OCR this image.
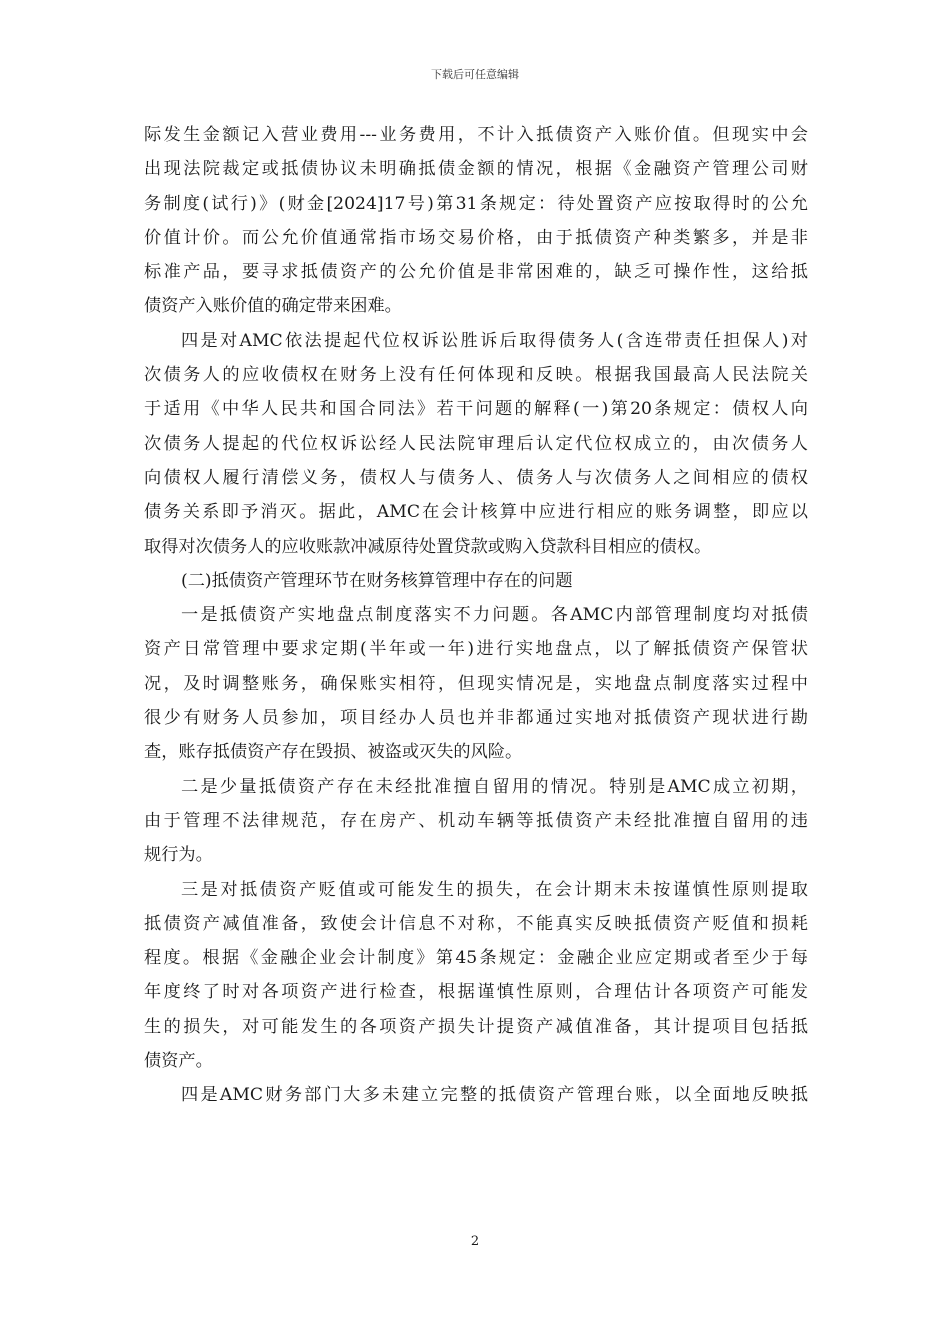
下载后可任意编辑
际发生金额记入营业费用---业务费用，不计入抵债资产入账价值。但现实中会
出现法院裁定或抵债协议未明确抵债金额的情况，根据《金融资产管理公司财
务制度(试行)》(财金[2024]17号)第31条规定：待处置资产应按取得时的公允
价值计价。而公允价值通常指市场交易价格，由于抵债资产种类繁多，并是非
标准产品，要寻求抵债资产的公允价值是非常困难的，缺乏可操作性，这给抵
债资产入账价值的确定带来困难。
四是对AMC依法提起代位权诉讼胜诉后取得债务人(含连带责任担保人)对
次债务人的应收债权在财务上没有任何体现和反映。根据我国最高人民法院关
于适用《中华人民共和国合同法》若干问题的解释(一)第20条规定：债权人向
次债务人提起的代位权诉讼经人民法院审理后认定代位权成立的，由次债务人
向债权人履行清偿义务，债权人与债务人、债务人与次债务人之间相应的债权
债务关系即予消灭。据此，AMC在会计核算中应进行相应的账务调整，即应以
取得对次债务人的应收账款冲减原待处置贷款或购入贷款科目相应的债权。
(二)抵债资产管理环节在财务核算管理中存在的问题
一是抵债资产实地盘点制度落实不力问题。各AMC内部管理制度均对抵债
资产日常管理中要求定期(半年或一年)进行实地盘点，以了解抵债资产保管状
况，及时调整账务，确保账实相符，但现实情况是，实地盘点制度落实过程中
很少有财务人员参加，项目经办人员也并非都通过实地对抵债资产现状进行勘
查，账存抵债资产存在毁损、被盗或灭失的风险。
二是少量抵债资产存在未经批准擅自留用的情况。特别是AMC成立初期，
由于管理不法律规范，存在房产、机动车辆等抵债资产未经批准擅自留用的违
规行为。
三是对抵债资产贬值或可能发生的损失，在会计期末未按谨慎性原则提取
抵债资产减值准备，致使会计信息不对称，不能真实反映抵债资产贬值和损耗
程度。根据《金融企业会计制度》第45条规定：金融企业应定期或者至少于每
年度终了时对各项资产进行检查，根据谨慎性原则，合理估计各项资产可能发
生的损失，对可能发生的各项资产损失计提资产减值准备，其计提项目包括抵
债资产。
四是AMC财务部门大多未建立完整的抵债资产管理台账，以全面地反映抵
2
